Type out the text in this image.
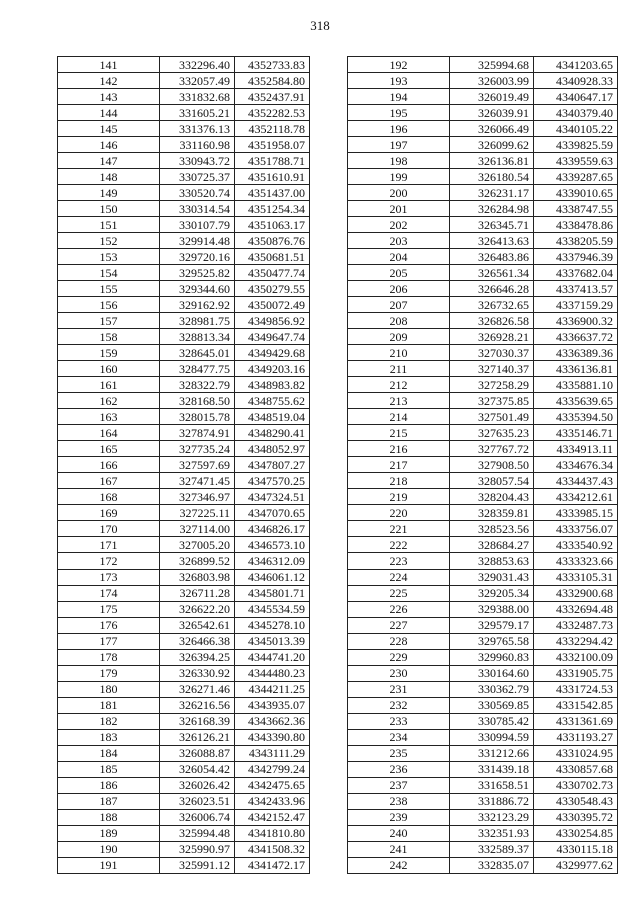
318
141	332296.40	4352733.83
142	332057.49	4352584.80
143	331832.68	4352437.91
144	331605.21	4352282.53
145	331376.13	4352118.78
146	331160.98	4351958.07
147	330943.72	4351788.71
148	330725.37	4351610.91
149	330520.74	4351437.00
150	330314.54	4351254.34
151	330107.79	4351063.17
152	329914.48	4350876.76
153	329720.16	4350681.51
154	329525.82	4350477.74
155	329344.60	4350279.55
156	329162.92	4350072.49
157	328981.75	4349856.92
158	328813.34	4349647.74
159	328645.01	4349429.68
160	328477.75	4349203.16
161	328322.79	4348983.82
162	328168.50	4348755.62
163	328015.78	4348519.04
164	327874.91	4348290.41
165	327735.24	4348052.97
166	327597.69	4347807.27
167	327471.45	4347570.25
168	327346.97	4347324.51
169	327225.11	4347070.65
170	327114.00	4346826.17
171	327005.20	4346573.10
172	326899.52	4346312.09
173	326803.98	4346061.12
174	326711.28	4345801.71
175	326622.20	4345534.59
176	326542.61	4345278.10
177	326466.38	4345013.39
178	326394.25	4344741.20
179	326330.92	4344480.23
180	326271.46	4344211.25
181	326216.56	4343935.07
182	326168.39	4343662.36
183	326126.21	4343390.80
184	326088.87	4343111.29
185	326054.42	4342799.24
186	326026.42	4342475.65
187	326023.51	4342433.96
188	326006.74	4342152.47
189	325994.48	4341810.80
190	325990.97	4341508.32
191	325991.12	4341472.17
192	325994.68	4341203.65
193	326003.99	4340928.33
194	326019.49	4340647.17
195	326039.91	4340379.40
196	326066.49	4340105.22
197	326099.62	4339825.59
198	326136.81	4339559.63
199	326180.54	4339287.65
200	326231.17	4339010.65
201	326284.98	4338747.55
202	326345.71	4338478.86
203	326413.63	4338205.59
204	326483.86	4337946.39
205	326561.34	4337682.04
206	326646.28	4337413.57
207	326732.65	4337159.29
208	326826.58	4336900.32
209	326928.21	4336637.72
210	327030.37	4336389.36
211	327140.37	4336136.81
212	327258.29	4335881.10
213	327375.85	4335639.65
214	327501.49	4335394.50
215	327635.23	4335146.71
216	327767.72	4334913.11
217	327908.50	4334676.34
218	328057.54	4334437.43
219	328204.43	4334212.61
220	328359.81	4333985.15
221	328523.56	4333756.07
222	328684.27	4333540.92
223	328853.63	4333323.66
224	329031.43	4333105.31
225	329205.34	4332900.68
226	329388.00	4332694.48
227	329579.17	4332487.73
228	329765.58	4332294.42
229	329960.83	4332100.09
230	330164.60	4331905.75
231	330362.79	4331724.53
232	330569.85	4331542.85
233	330785.42	4331361.69
234	330994.59	4331193.27
235	331212.66	4331024.95
236	331439.18	4330857.68
237	331658.51	4330702.73
238	331886.72	4330548.43
239	332123.29	4330395.72
240	332351.93	4330254.85
241	332589.37	4330115.18
242	332835.07	4329977.62
